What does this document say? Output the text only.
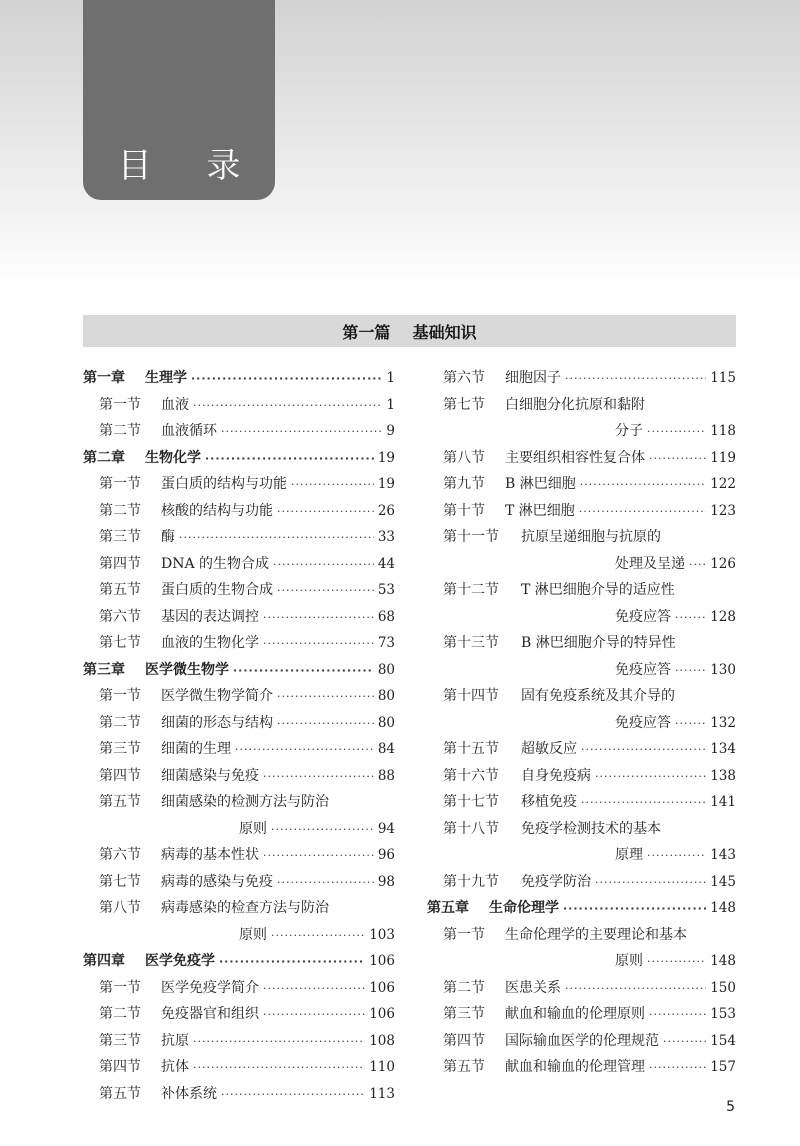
目 录
第一篇    基础知识
第一章	生理学 ·····	1
第一节	血液 ·····	1
第二节	血液循环 ·····	9
第二章	生物化学 ·····	19
第一节	蛋白质的结构与功能 ·····	19
第二节	核酸的结构与功能 ·····	26
第三节	酶 ·····	33
第四节	DNA 的生物合成 ·····	44
第五节	蛋白质的生物合成 ·····	53
第六节	基因的表达调控 ·····	68
第七节	血液的生物化学 ·····	73
第三章	医学微生物学 ·····	80
第一节	医学微生物学简介 ·····	80
第二节	细菌的形态与结构 ·····	80
第三节	细菌的生理 ·····	84
第四节	细菌感染与免疫 ·····	88
第五节	细菌感染的检测方法与防治
原则 ·····	94
第六节	病毒的基本性状 ·····	96
第七节	病毒的感染与免疫 ·····	98
第八节	病毒感染的检查方法与防治
原则 ·····	103
第四章	医学免疫学 ·····	106
第一节	医学免疫学简介 ·····	106
第二节	免疫器官和组织 ·····	106
第三节	抗原 ·····	108
第四节	抗体 ·····	110
第五节	补体系统 ·····	113
第六节	细胞因子 ·····	115
第七节	白细胞分化抗原和黏附
分子 ·····	118
第八节	主要组织相容性复合体 ·····	119
第九节	B 淋巴细胞 ·····	122
第十节	T 淋巴细胞 ·····	123
第十一节	抗原呈递细胞与抗原的
处理及呈递 ····· 126
第十二节	T 淋巴细胞介导的适应性
免疫应答 ·····	128
第十三节	B 淋巴细胞介导的特异性
免疫应答 ·····	130
第十四节	固有免疫系统及其介导的
免疫应答 ·····	132
第十五节	超敏反应 ·····	134
第十六节	自身免疫病 ·····	138
第十七节	移植免疫 ·····	141
第十八节	免疫学检测技术的基本
原理 ·····	143
第十九节	免疫学防治 ·····	145
第五章	生命伦理学 ·····	148
第一节	生命伦理学的主要理论和基本
原则 ·····	148
第二节	医患关系 ·····	150
第三节	献血和输血的伦理原则 ·····	153
第四节	国际输血医学的伦理规范 ·····	154
第五节	献血和输血的伦理管理 ·····	157
5
